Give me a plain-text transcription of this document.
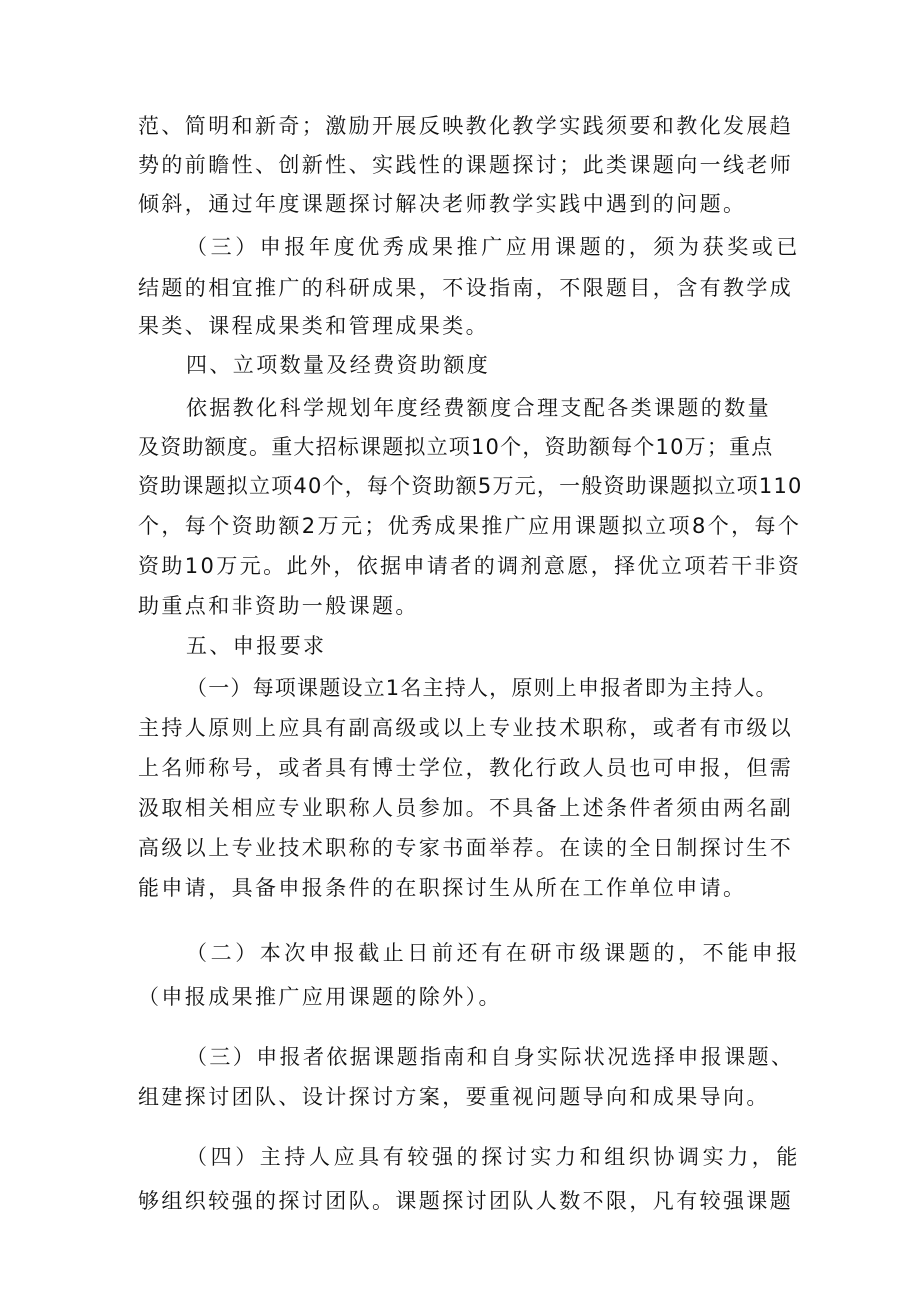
范、简明和新奇；激励开展反映教化教学实践须要和教化发展趋
势的前瞻性、创新性、实践性的课题探讨；此类课题向一线老师
倾斜，通过年度课题探讨解决老师教学实践中遇到的问题。
（三）申报年度优秀成果推广应用课题的，须为获奖或已
结题的相宜推广的科研成果，不设指南，不限题目，含有教学成
果类、课程成果类和管理成果类。
四、立项数量及经费资助额度
依据教化科学规划年度经费额度合理支配各类课题的数量
及资助额度。重大招标课题拟立项10个，资助额每个10万；重点
资助课题拟立项40个，每个资助额5万元，一般资助课题拟立项110
个，每个资助额2万元；优秀成果推广应用课题拟立项8个，每个
资助10万元。此外，依据申请者的调剂意愿，择优立项若干非资
助重点和非资助一般课题。
五、申报要求
（一）每项课题设立1名主持人，原则上申报者即为主持人。
主持人原则上应具有副高级或以上专业技术职称，或者有市级以
上名师称号，或者具有博士学位，教化行政人员也可申报，但需
汲取相关相应专业职称人员参加。不具备上述条件者须由两名副
高级以上专业技术职称的专家书面举荐。在读的全日制探讨生不
能申请，具备申报条件的在职探讨生从所在工作单位申请。
（二）本次申报截止日前还有在研市级课题的，不能申报
（申报成果推广应用课题的除外）。
（三）申报者依据课题指南和自身实际状况选择申报课题、
组建探讨团队、设计探讨方案，要重视问题导向和成果导向。
（四）主持人应具有较强的探讨实力和组织协调实力，能
够组织较强的探讨团队。课题探讨团队人数不限，凡有较强课题
